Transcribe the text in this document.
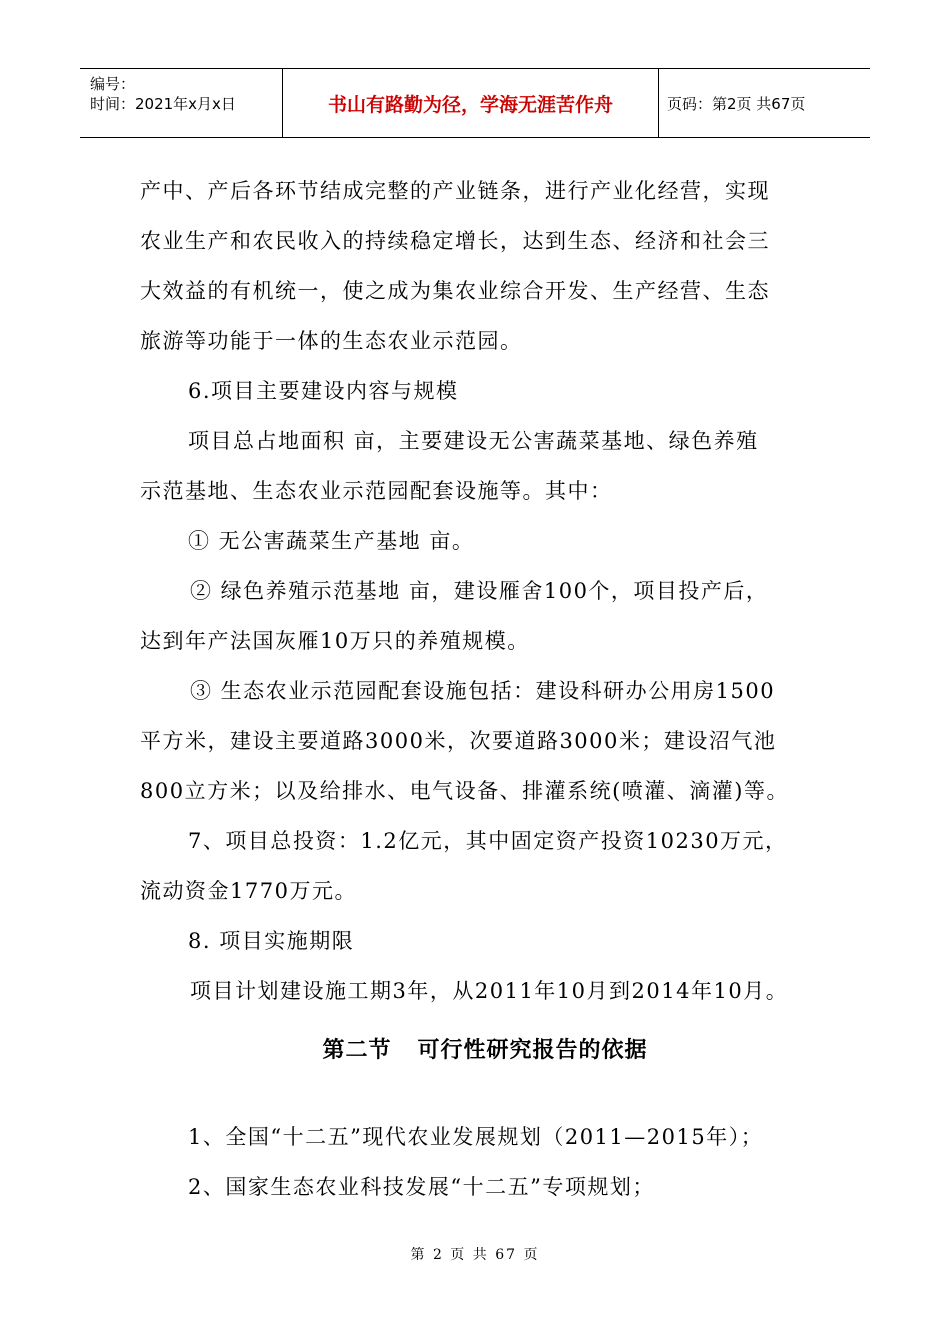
编号：
时间：2021年x月x日	书山有路勤为径，学海无涯苦作舟	页码：第2页 共67页
产中、产后各环节结成完整的产业链条，进行产业化经营，实现
农业生产和农民收入的持续稳定增长，达到生态、经济和社会三
大效益的有机统一，使之成为集农业综合开发、生产经营、生态
旅游等功能于一体的生态农业示范园。
6.项目主要建设内容与规模
项目总占地面积 亩，主要建设无公害蔬菜基地、绿色养殖
示范基地、生态农业示范园配套设施等。其中：
① 无公害蔬菜生产基地 亩。
② 绿色养殖示范基地 亩，建设雁舍100个，项目投产后，
达到年产法国灰雁10万只的养殖规模。
③ 生态农业示范园配套设施包括：建设科研办公用房1500
平方米，建设主要道路3000米，次要道路3000米；建设沼气池
800立方米；以及给排水、电气设备、排灌系统(喷灌、滴灌)等。
7、项目总投资：1.2亿元，其中固定资产投资10230万元，
流动资金1770万元。
8. 项目实施期限
项目计划建设施工期3年，从2011年10月到2014年10月。
第二节   可行性研究报告的依据
1、全国“十二五”现代农业发展规划（2011—2015年）；
2、国家生态农业科技发展“十二五”专项规划；
第 2 页 共 67 页
